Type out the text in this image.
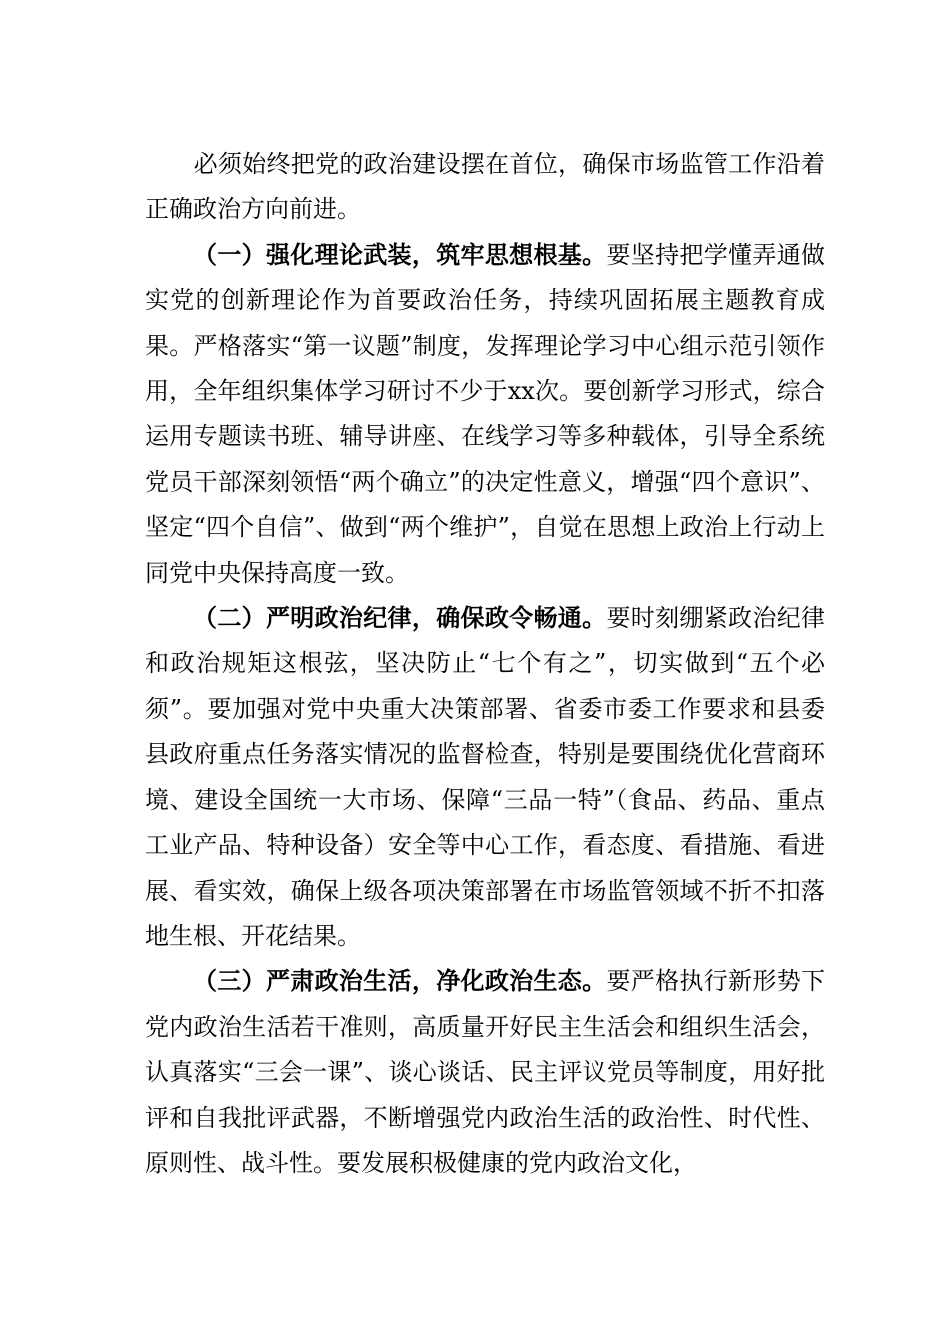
　　必须始终把党的政治建设摆在首位，确保市场监管工作沿着正确政治方向前进。

（一）强化理论武装，筑牢思想根基。要坚持把学懂弄通做实党的创新理论作为首要政治任务，持续巩固拓展主题教育成果。严格落实“第一议题”制度，发挥理论学习中心组示范引领作用，全年组织集体学习研讨不少于xx次。要创新学习形式，综合运用专题读书班、辅导讲座、在线学习等多种载体，引导全系统党员干部深刻领悟“两个确立”的决定性意义，增强“四个意识”、坚定“四个自信”、做到“两个维护”，自觉在思想上政治上行动上同党中央保持高度一致。

（二）严明政治纪律，确保政令畅通。要时刻绷紧政治纪律和政治规矩这根弦，坚决防止“七个有之”，切实做到“五个必须”。要加强对党中央重大决策部署、省委市委工作要求和县委县政府重点任务落实情况的监督检查，特别是要围绕优化营商环境、建设全国统一大市场、保障“三品一特”（食品、药品、重点工业产品、特种设备）安全等中心工作，看态度、看措施、看进展、看实效，确保上级各项决策部署在市场监管领域不折不扣落地生根、开花结果。

（三）严肃政治生活，净化政治生态。要严格执行新形势下党内政治生活若干准则，高质量开好民主生活会和组织生活会，认真落实“三会一课”、谈心谈话、民主评议党员等制度，用好批评和自我批评武器，不断增强党内政治生活的政治性、时代性、原则性、战斗性。要发展积极健康的党内政治文化，
